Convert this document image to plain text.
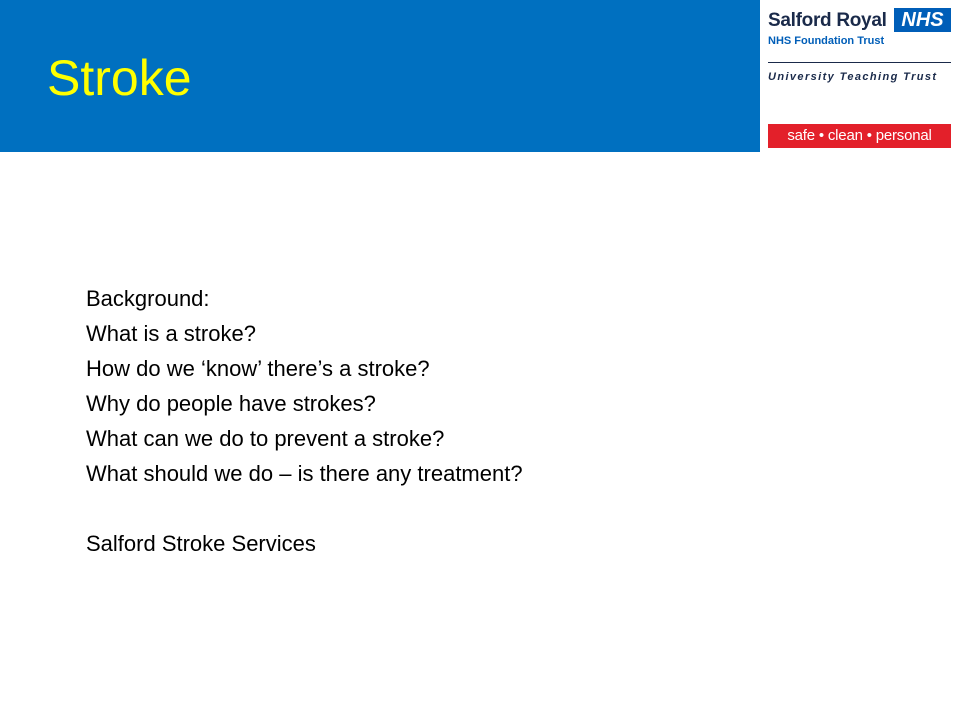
Stroke
Salford Royal NHS
NHS Foundation Trust
University Teaching Trust
safe • clean • personal
Background:
What is a stroke?
How do we ‘know’ there’s a stroke?
Why do people have strokes?
What can we do to prevent a stroke?
What should we do – is there any treatment?
Salford Stroke Services
